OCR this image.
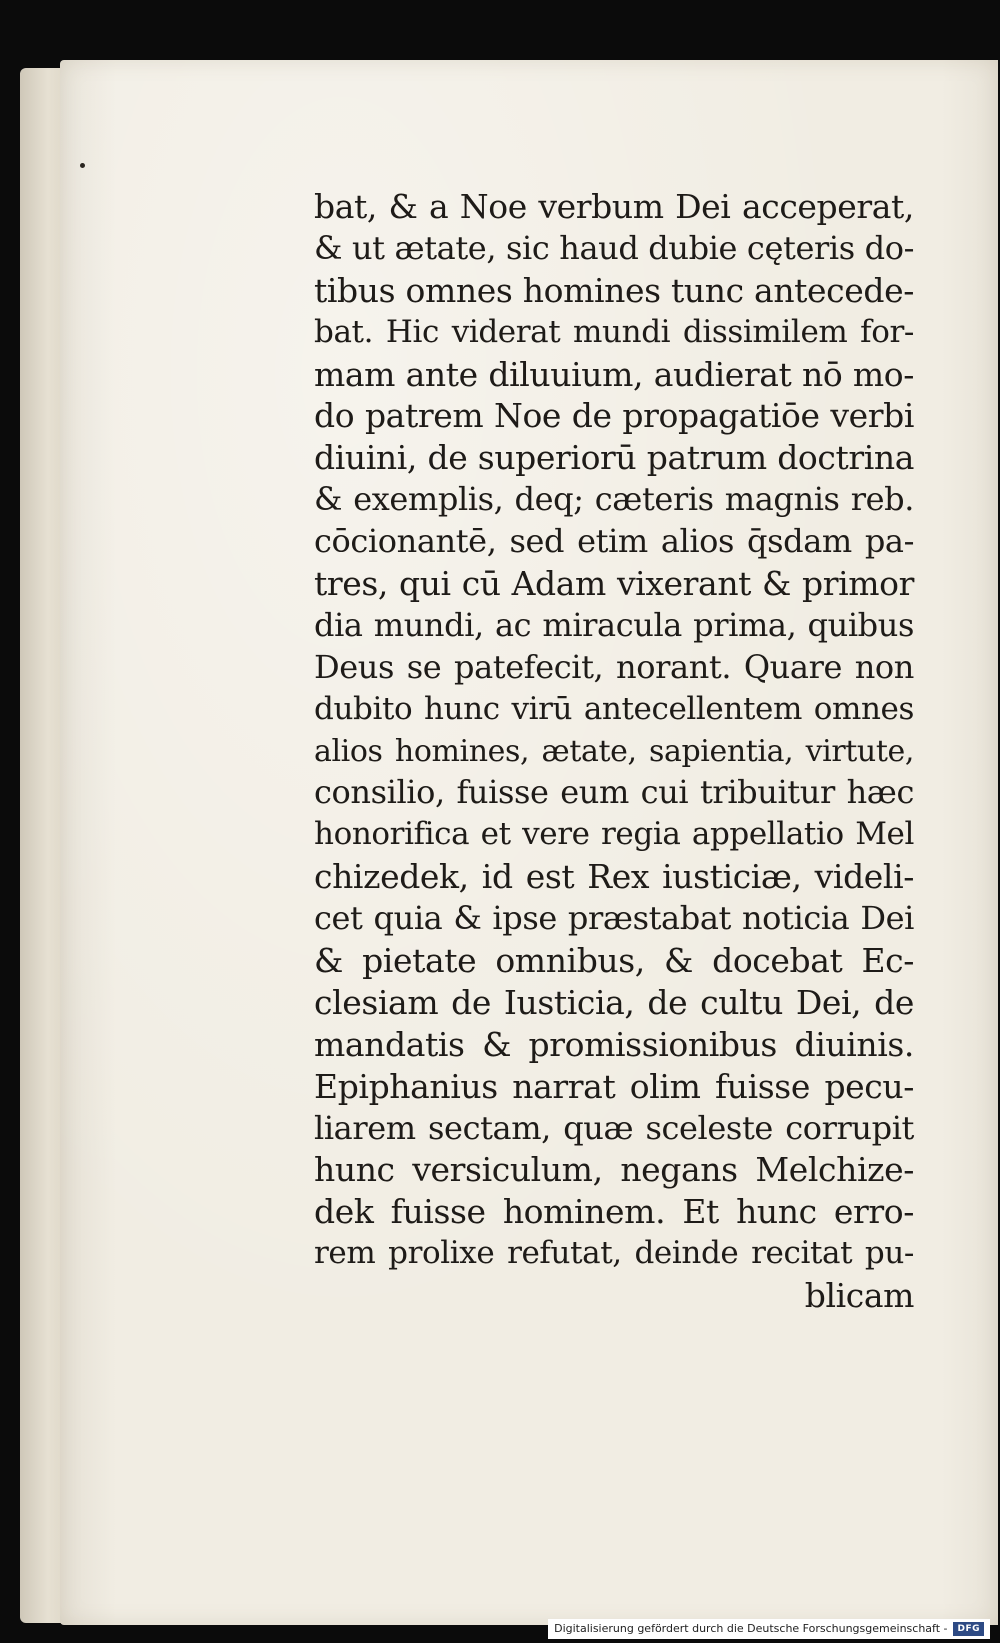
bat, & a Noe verbum Dei acceperat,
& ut ætate, sic haud dubie cęteris do-
tibus omnes homines tunc antecede-
bat. Hic viderat mundi dissimilem for-
mam ante diluuium, audierat nō mo-
do patrem Noe de propagatiōe verbi
diuini, de superiorū patrum doctrina
& exemplis, deq; cæteris magnis reb.
cōcionantē, sed etim alios q̄sdam pa-
tres, qui cū Adam vixerant & primor
dia mundi, ac miracula prima, quibus
Deus se patefecit, norant. Quare non
dubito hunc virū antecellentem omnes
alios homines, ætate, sapientia, virtute,
consilio, fuisse eum cui tribuitur hæc
honorifica et vere regia appellatio Mel
chizedek, id est Rex iusticiæ, videli-
cet quia & ipse præstabat noticia Dei
& pietate omnibus, & docebat Ec-
clesiam de Iusticia, de cultu Dei, de
mandatis & promissionibus diuinis.
Epiphanius narrat olim fuisse pecu-
liarem sectam, quæ scelestе corrupit
hunc versiculum, negans Melchize-
dek fuisse hominem. Et hunc erro-
rem prolixe refutat, deinde recitat pu-
blicam
Digitalisierung gefördert durch die Deutsche Forschungsgemeinschaft -	DFG
